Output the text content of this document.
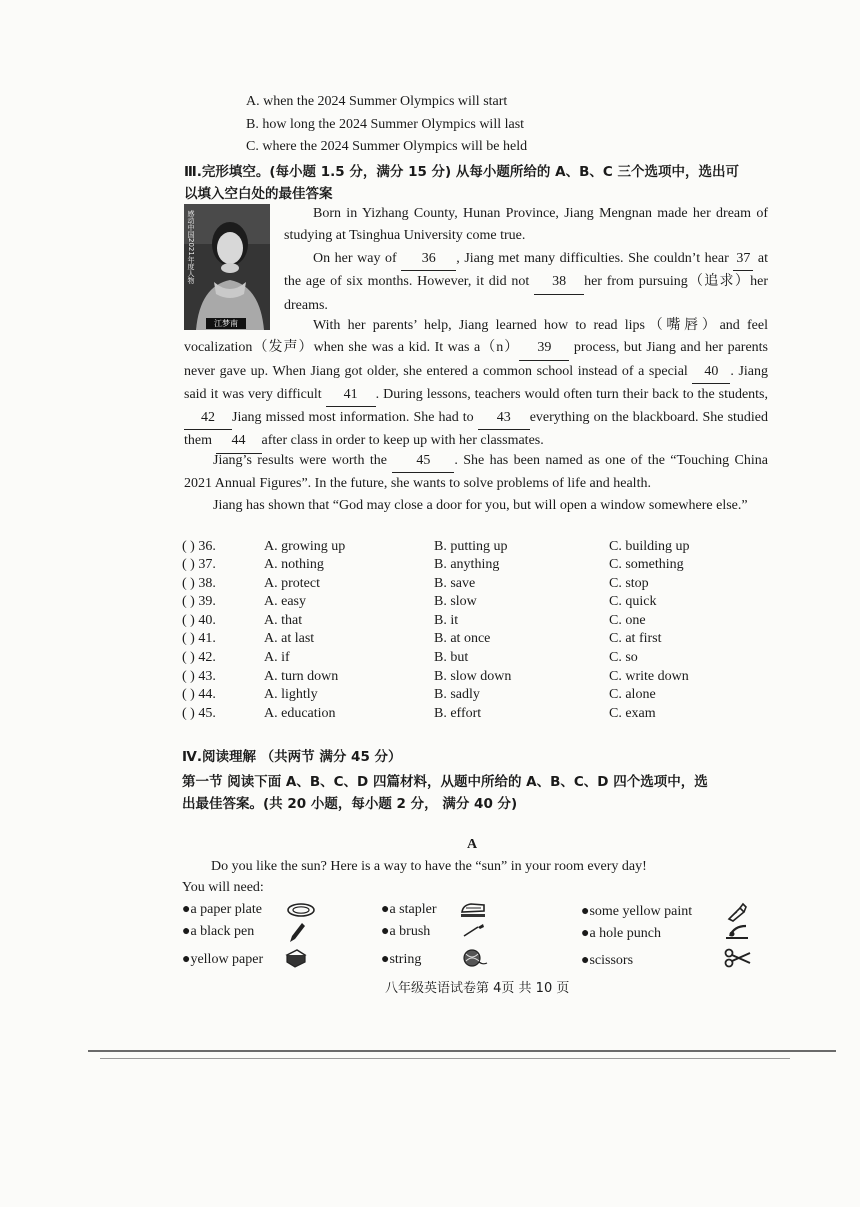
A. when the 2024 Summer Olympics will start
B. how long the 2024 Summer Olympics will last
C. where the 2024 Summer Olympics will be held
Ⅲ.完形填空。(每小题 1.5 分，满分 15 分) 从每小题所给的 A、B、C 三个选项中，选出可
以填入空白处的最佳答案
感动中国2021年度人物
江梦南
Born in Yizhang County, Hunan Province, Jiang Mengnan made her dream of studying at Tsinghua University come true.
On her way of 36 , Jiang met many difficulties. She couldn’t hear 37 at the age of six months. However, it did not 38 her from pursuing（追求）her dreams.
With her parents’ help, Jiang learned how to read lips（嘴唇）and feel vocalization（发声）when she was a kid. It was a（n） 39 process, but Jiang and her parents never gave up. When Jiang got older, she entered a common school instead of a special 40 . Jiang said it was very difficult 41 . During lessons, teachers would often turn their back to the students, 42 Jiang missed most information. She had to 43 everything on the blackboard. She studied them 44 after class in order to keep up with her classmates.
Jiang’s results were worth the 45 . She has been named as one of the “Touching China 2021 Annual Figures”. In the future, she wants to solve problems of life and health.
Jiang has shown that “God may close a door for you, but will open a window somewhere else.”
( ) 36.	A. growing up	B. putting up	C. building up
( ) 37.	A. nothing	B. anything	C. something
( ) 38.	A. protect	B. save	C. stop
( ) 39.	A. easy	B. slow	C. quick
( ) 40.	A. that	B. it	C. one
( ) 41.	A. at last	B. at once	C. at first
( ) 42.	A. if	B. but	C. so
( ) 43.	A. turn down	B. slow down	C. write down
( ) 44.	A. lightly	B. sadly	C. alone
( ) 45.	A. education	B. effort	C. exam
Ⅳ.阅读理解 （共两节 满分 45 分）
第一节 阅读下面 A、B、C、D 四篇材料，从题中所给的 A、B、C、D 四个选项中，选
出最佳答案。(共 20 小题，每小题 2 分， 满分 40 分)
A
Do you like the sun? Here is a way to have the “sun” in your room every day!
You will need:
●a paper plate	●a stapler	●some yellow paint
●a black pen	●a brush	●a hole punch
●yellow paper	●string	●scissors
八年级英语试卷第 4页 共 10 页
